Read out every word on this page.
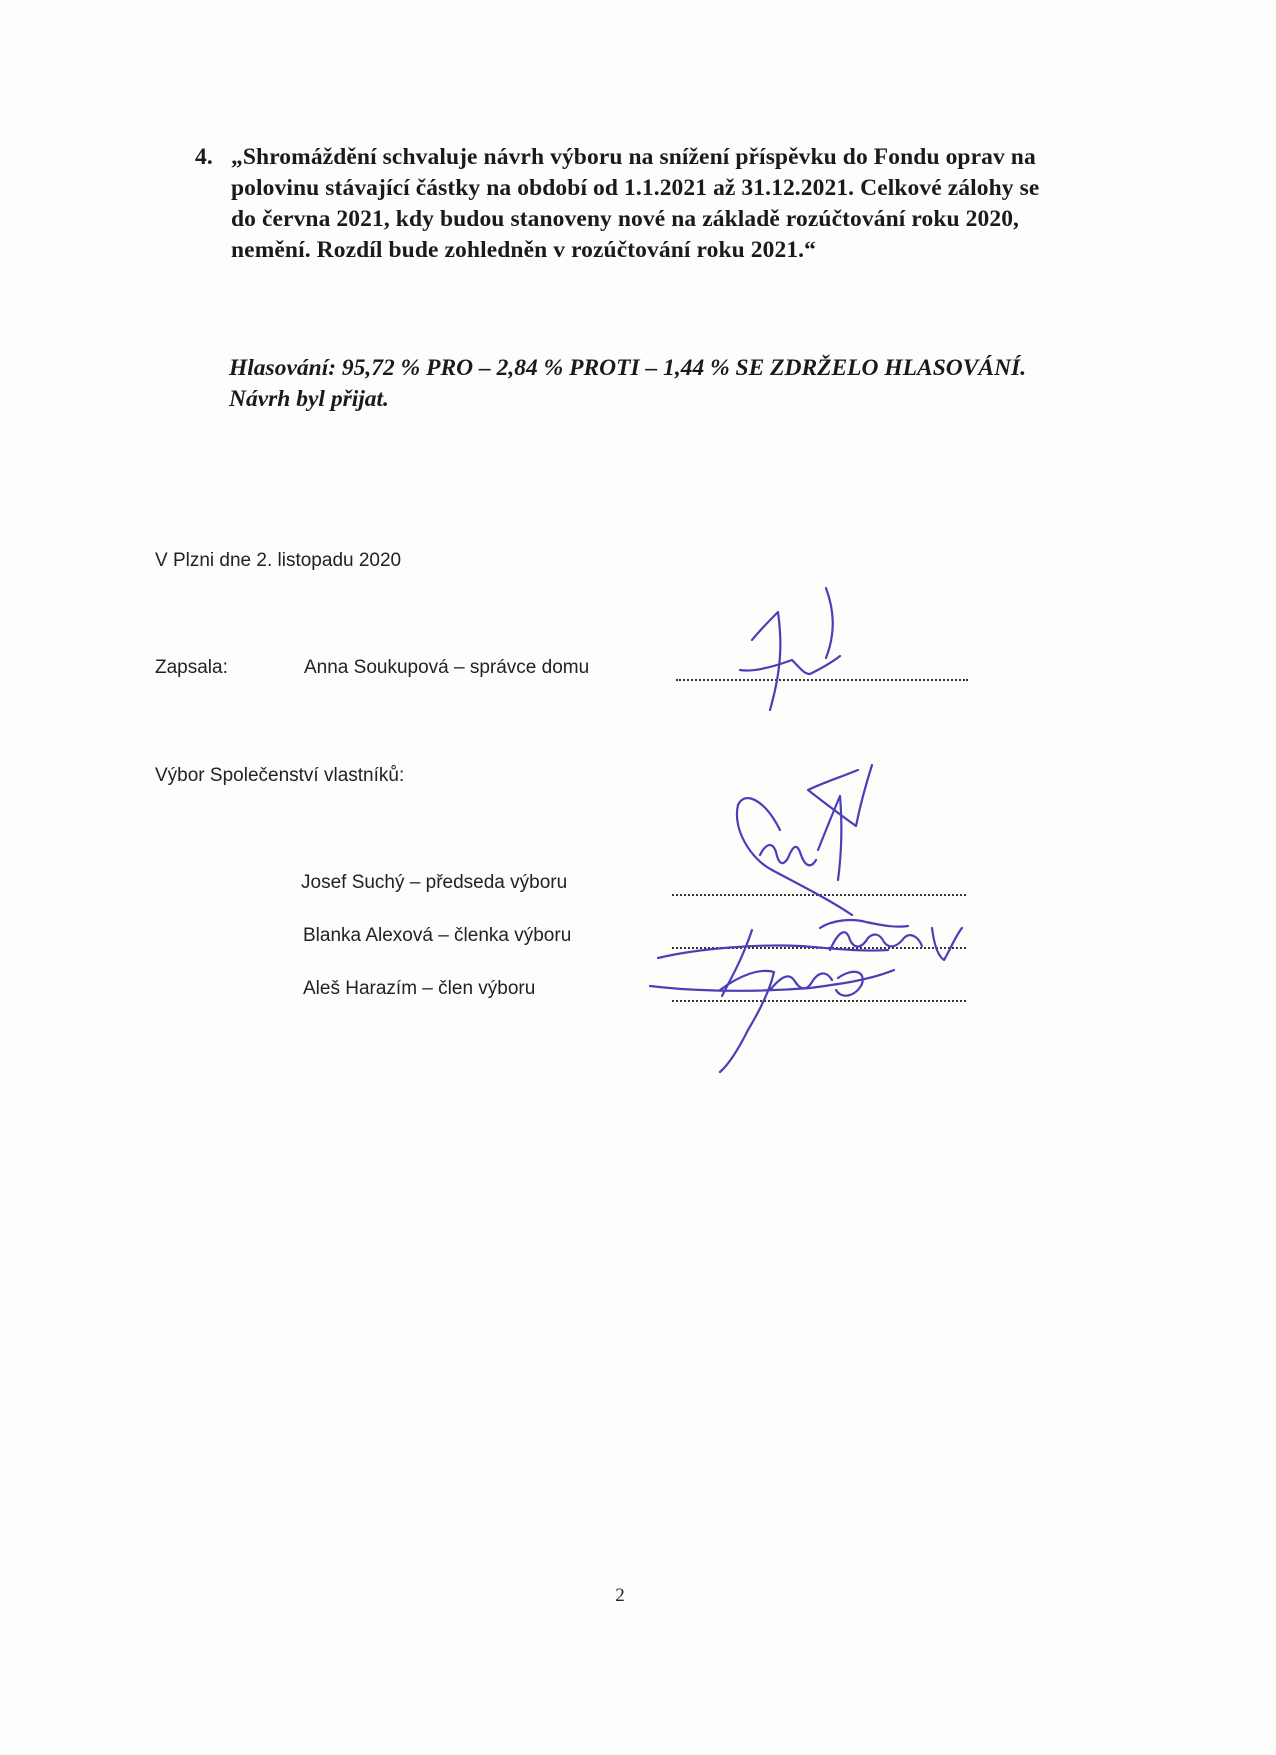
4. „Shromáždění schvaluje návrh výboru na snížení příspěvku do Fondu oprav na
polovinu stávající částky na období od 1.1.2021 až 31.12.2021. Celkové zálohy se
do června 2021, kdy budou stanoveny nové na základě rozúčtování roku 2020,
nemění. Rozdíl bude zohledněn v rozúčtování roku 2021.“
Hlasování: 95,72 % PRO – 2,84 % PROTI – 1,44 % SE ZDRŽELO HLASOVÁNÍ.
Návrh byl přijat.
V Plzni dne 2. listopadu 2020
Zapsala:	Anna Soukupová – správce domu
Výbor Společenství vlastníků:
Josef Suchý – předseda výboru
Blanka Alexová – členka výboru
Aleš Harazím – člen výboru
2
